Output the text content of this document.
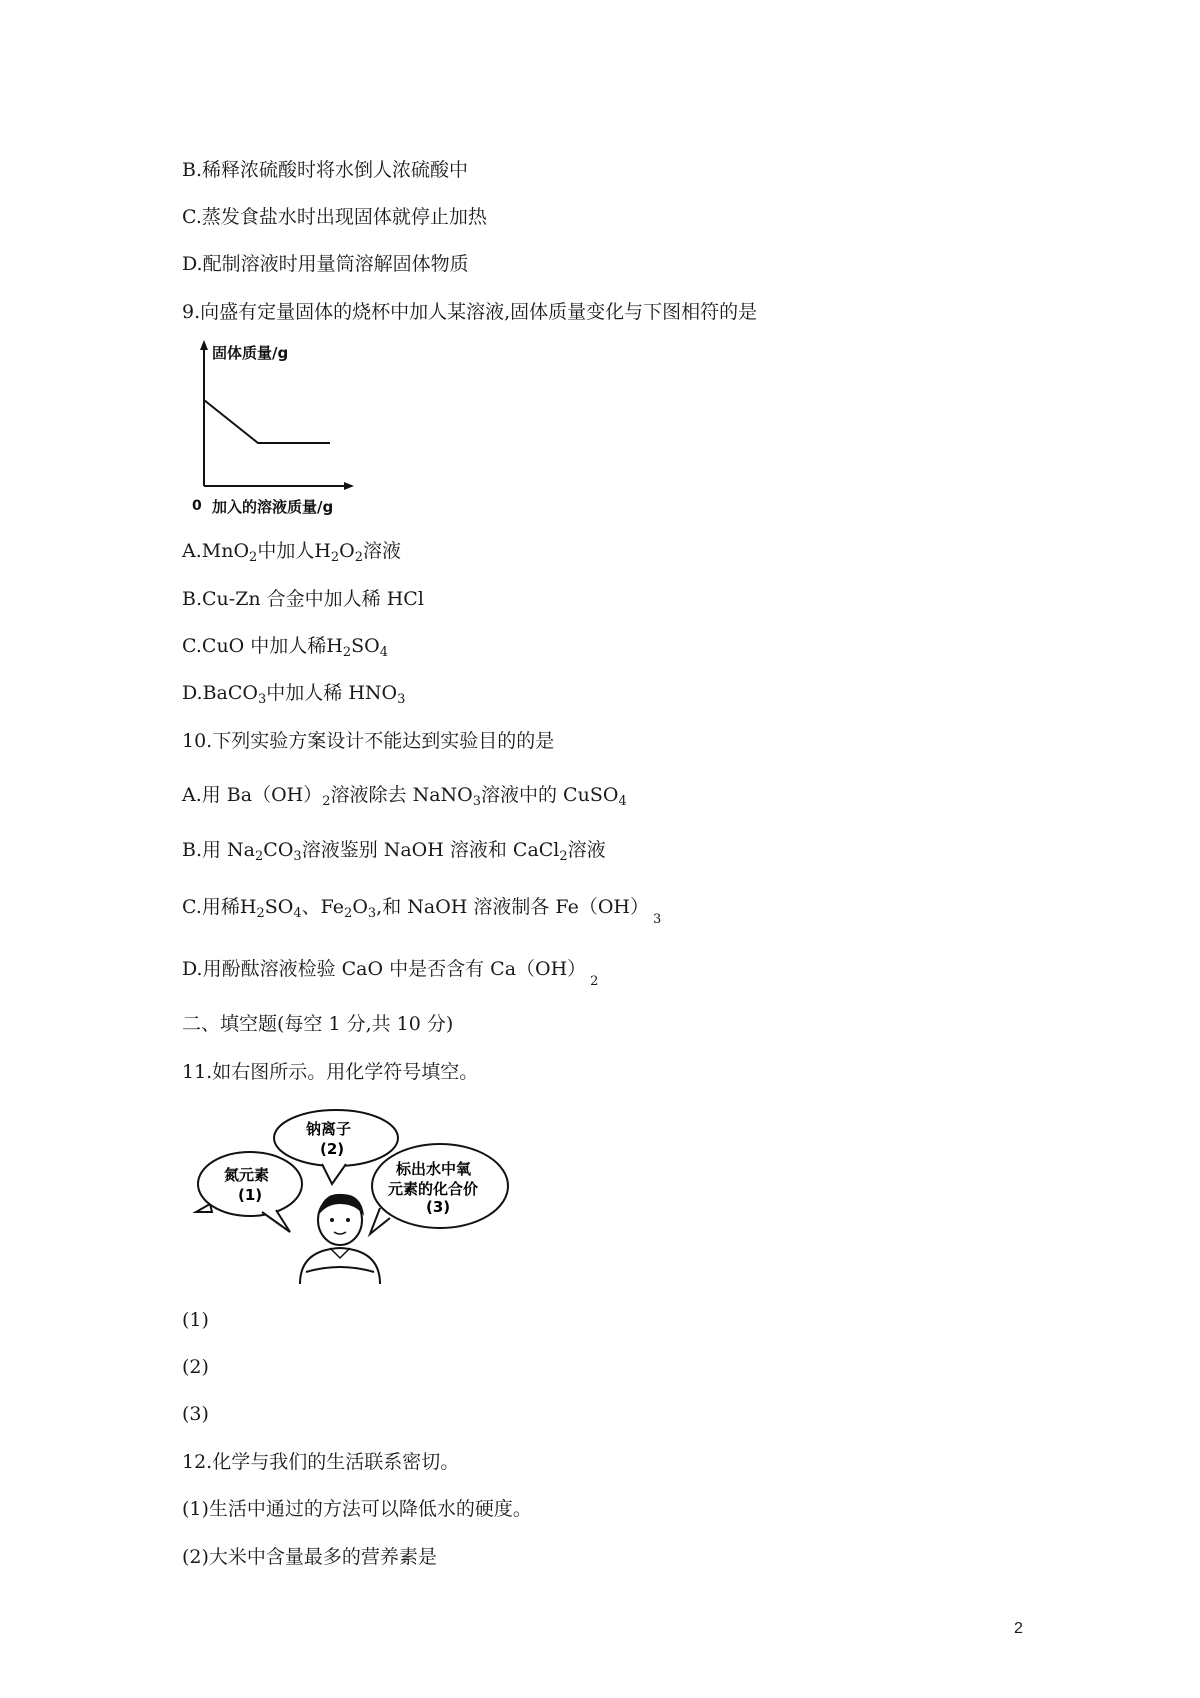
B.稀释浓硫酸时将水倒人浓硫酸中
C.蒸发食盐水时出现固体就停止加热
D.配制溶液时用量筒溶解固体物质
9.向盛有定量固体的烧杯中加人某溶液,固体质量变化与下图相符的是
固体质量/g
0 加入的溶液质量/g
A.MnO$_2$中加人$H_2O_2$溶液
B.Cu-Zn 合金中加人稀 HCl
C.CuO 中加人稀$H_2SO_4$
D.BaCO$_3$中加人稀 $HNO_3$
10.下列实验方案设计不能达到实验目的的是
A.用 $Ba(OH)_2$溶液除去 NaNO$_3$溶液中的 CuSO$_4$
B.用 $Na_2CO_3$溶液鉴别 NaOH 溶液和 CaCl$_2$溶液
C.用稀$H_2SO_4$、$Fe_2O_3$,和 NaOH 溶液制各 $Fe(OH)_3$
D.用酚酞溶液检验 CaO 中是否含有 $Ca(OH)_2$
二、填空题(每空 1 分,共 10 分)
11.如右图所示。用化学符号填空。
氮元素
(1)
钠离子
(2)
标出水中氧
元素的化合价
(3)
(1)
(2)
(3)
12.化学与我们的生活联系密切。
(1)生活中通过的方法可以降低水的硬度。
(2)大米中含量最多的营养素是
2
